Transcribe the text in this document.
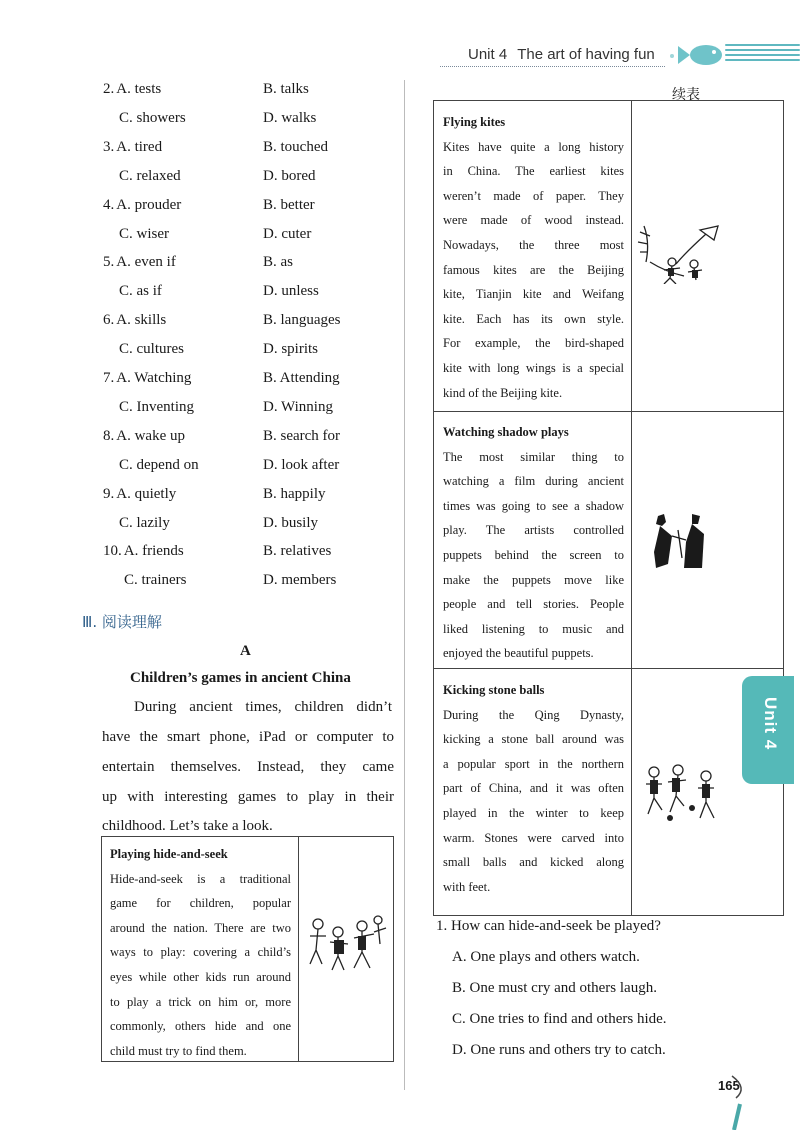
Unit 4 The art of having fun
2. A. tests	B. talks
C. showers	D. walks
3. A. tired	B. touched
C. relaxed	D. bored
4. A. prouder	B. better
C. wiser	D. cuter
5. A. even if	B. as
C. as if	D. unless
6. A. skills	B. languages
C. cultures	D. spirits
7. A. Watching	B. Attending
C. Inventing	D. Winning
8. A. wake up	B. search for
C. depend on	D. look after
9. A. quietly	B. happily
C. lazily	D. busily
10. A. friends	B. relatives
C. trainers	D. members
Ⅲ. 阅读理解
A
Children’s games in ancient China
During ancient times, children didn’t
have the smart phone, iPad or computer to
entertain themselves. Instead, they came
up with interesting games to play in their
childhood. Let’s take a look.
Playing hide-and-seek
Hide-and-seek is a traditional
game for children, popular
around the nation. There are two
ways to play: covering a child’s
eyes while other kids run around
to play a trick on him or, more
commonly, others hide and one
child must try to find them.
续表
Flying kites
Kites have quite a long history
in China. The earliest kites
weren’t made of paper. They
were made of wood instead.
Nowadays, the three most
famous kites are the Beijing
kite, Tianjin kite and Weifang
kite. Each has its own style.
For example, the bird-shaped
kite with long wings is a special
kind of the Beijing kite.
Watching shadow plays
The most similar thing to
watching a film during ancient
times was going to see a shadow
play. The artists controlled
puppets behind the screen to
make the puppets move like
people and tell stories. People
liked listening to music and
enjoyed the beautiful puppets.
Kicking stone balls
During the Qing Dynasty,
kicking a stone ball around was
a popular sport in the northern
part of China, and it was often
played in the winter to keep
warm. Stones were carved into
small balls and kicked along
with feet.
1. How can hide-and-seek be played?
A. One plays and others watch.
B. One must cry and others laugh.
C. One tries to find and others hide.
D. One runs and others try to catch.
Unit 4
165
